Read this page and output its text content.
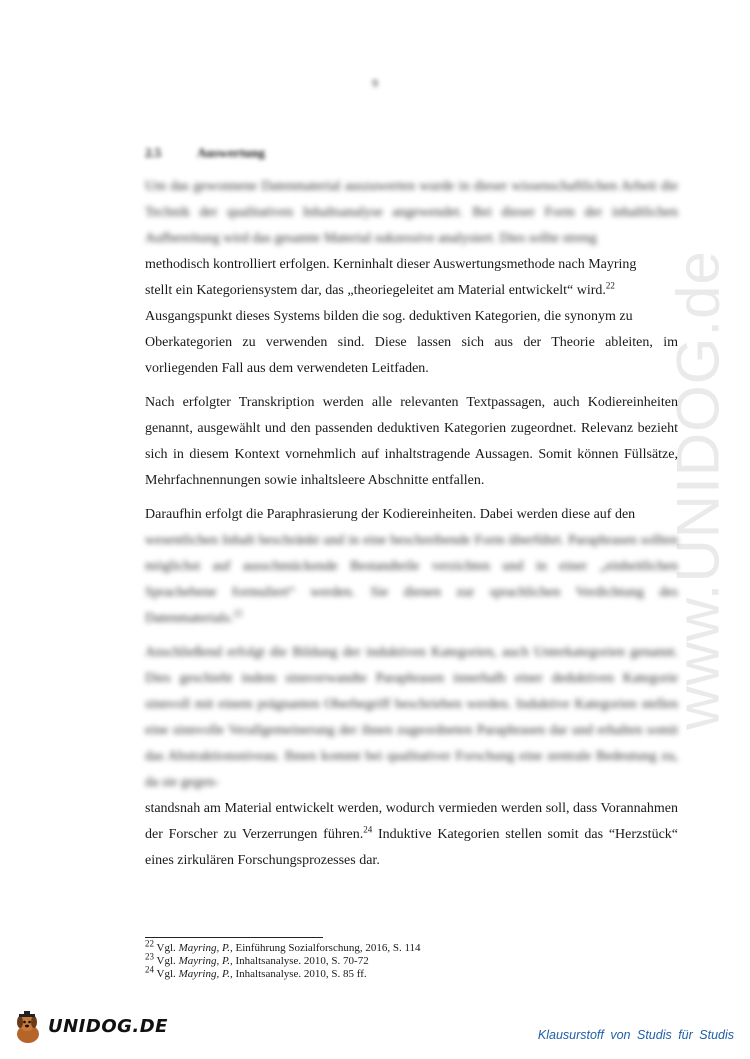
9
2.5	Auswertung
www.UNIDOG.de

Um das gewonnene Datenmaterial auszuwerten wurde in dieser wissenschaftlichen Arbeit die Technik der qualitativen Inhaltsanalyse angewendet. Bei dieser Form der inhaltlichen Aufbereitung wird das gesamte Material sukzessive analysiert. Dies sollte streng

methodisch kontrolliert erfolgen. Kerninhalt dieser Auswertungsmethode nach Mayring

stellt ein Kategoriensystem dar, das „theoriegeleitet am Material entwickelt“ wird.$^{22}$

Ausgangspunkt dieses Systems bilden die sog. deduktiven Kategorien, die synonym zu

Oberkategorien zu verwenden sind. Diese lassen sich aus der Theorie ableiten, im vorliegenden Fall aus dem verwendeten Leitfaden.

Nach erfolgter Transkription werden alle relevanten Textpassagen, auch Kodiereinheiten genannt, ausgewählt und den passenden deduktiven Kategorien zugeordnet. Relevanz bezieht sich in diesem Kontext vornehmlich auf inhaltstragende Aussagen. Somit können Füllsätze, Mehrfachnennungen sowie inhaltsleere Abschnitte entfallen.

Daraufhin erfolgt die Paraphrasierung der Kodiereinheiten. Dabei werden diese auf den

wesentlichen Inhalt beschränkt und in eine beschreibende Form überführt. Paraphrasen sollten möglichst auf ausschmückende Bestandteile verzichten und in einer „einheitlichen Sprachebene formuliert“ werden. Sie dienen zur sprachlichen Verdichtung des Datenmaterials.$^{23}$

Anschließend erfolgt die Bildung der induktiven Kategorien, auch Unterkategorien genannt. Dies geschieht indem sinnverwandte Paraphrasen innerhalb einer deduktiven Kategorie sinnvoll mit einem prägnanten Oberbegriff beschrieben werden. Induktive Kategorien stellen eine sinnvolle Verallgemeinerung der ihnen zugeordneten Paraphrasen dar und erhalten somit das Abstraktionsniveau. Ihnen kommt bei qualitativer Forschung eine zentrale Bedeutung zu, da sie gegen-

standsnah am Material entwickelt werden, wodurch vermieden werden soll, dass Vorannahmen der Forscher zu Verzerrungen führen.$^{24}$ Induktive Kategorien stellen somit das “Herzstück“ eines zirkulären Forschungsprozesses dar.

$^{22}$ Vgl. Mayring, P., Einführung Sozialforschung, 2016, S. 114
$^{23}$ Vgl. Mayring, P., Inhaltsanalyse. 2010, S. 70-72
$^{24}$ Vgl. Mayring, P., Inhaltsanalyse. 2010, S. 85 ff.
UNIDOG.DE	Klausurstoff von Studis für Studis
